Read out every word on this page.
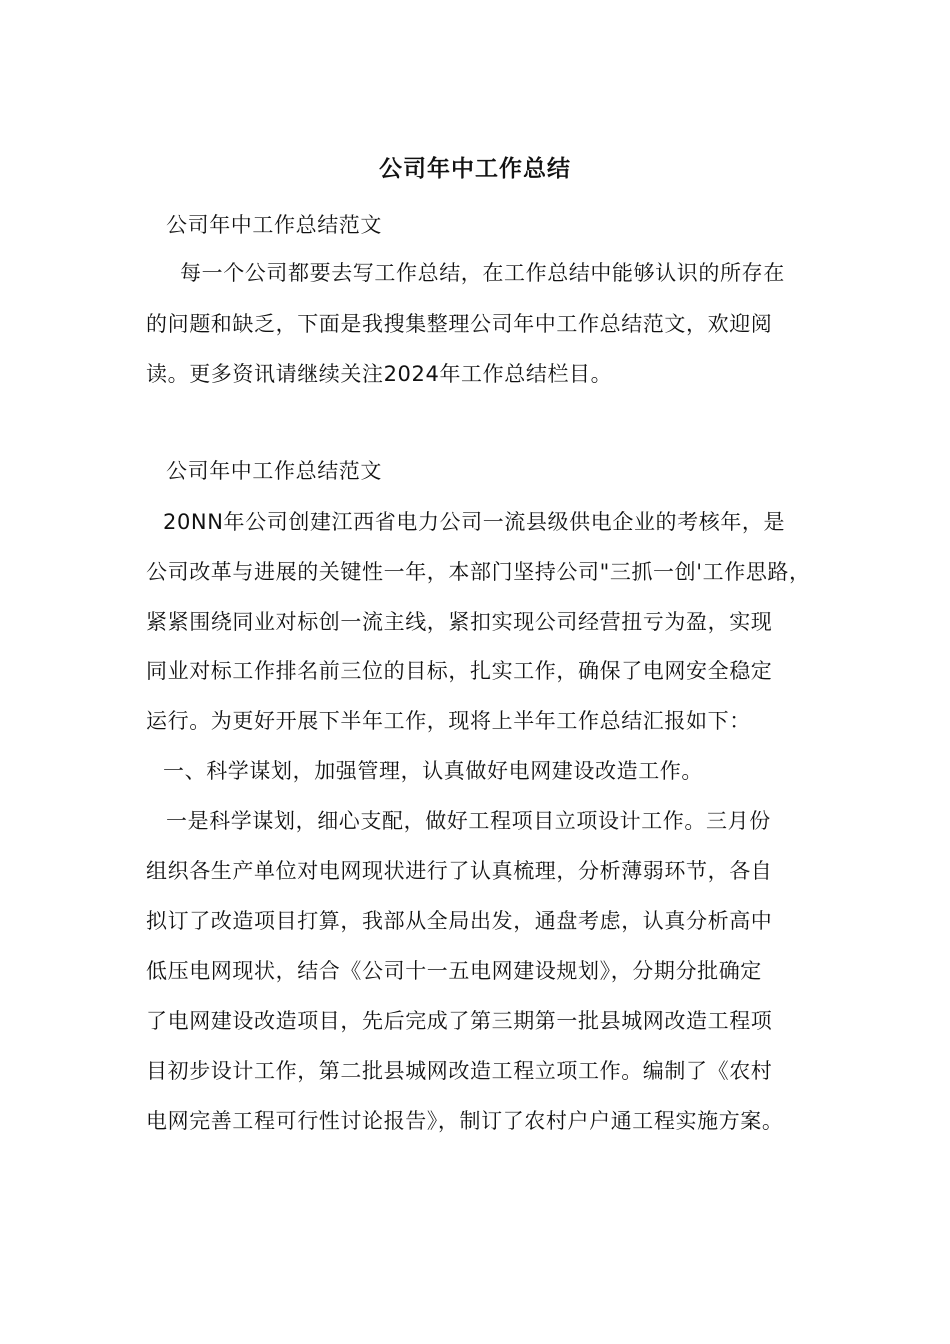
公司年中工作总结
公司年中工作总结范文
每一个公司都要去写工作总结，在工作总结中能够认识的所存在
的问题和缺乏，下面是我搜集整理公司年中工作总结范文，欢迎阅
读。更多资讯请继续关注2024年工作总结栏目。
公司年中工作总结范文
20NN年公司创建江西省电力公司一流县级供电企业的考核年，是
公司改革与进展的关键性一年，本部门坚持公司"三抓一创'工作思路，
紧紧围绕同业对标创一流主线，紧扣实现公司经营扭亏为盈，实现
同业对标工作排名前三位的目标，扎实工作，确保了电网安全稳定
运行。为更好开展下半年工作，现将上半年工作总结汇报如下：
一、科学谋划，加强管理，认真做好电网建设改造工作。
一是科学谋划，细心支配，做好工程项目立项设计工作。三月份
组织各生产单位对电网现状进行了认真梳理，分析薄弱环节，各自
拟订了改造项目打算，我部从全局出发，通盘考虑，认真分析高中
低压电网现状，结合《公司十一五电网建设规划》，分期分批确定
了电网建设改造项目，先后完成了第三期第一批县城网改造工程项
目初步设计工作，第二批县城网改造工程立项工作。编制了《农村
电网完善工程可行性讨论报告》，制订了农村户户通工程实施方案。
